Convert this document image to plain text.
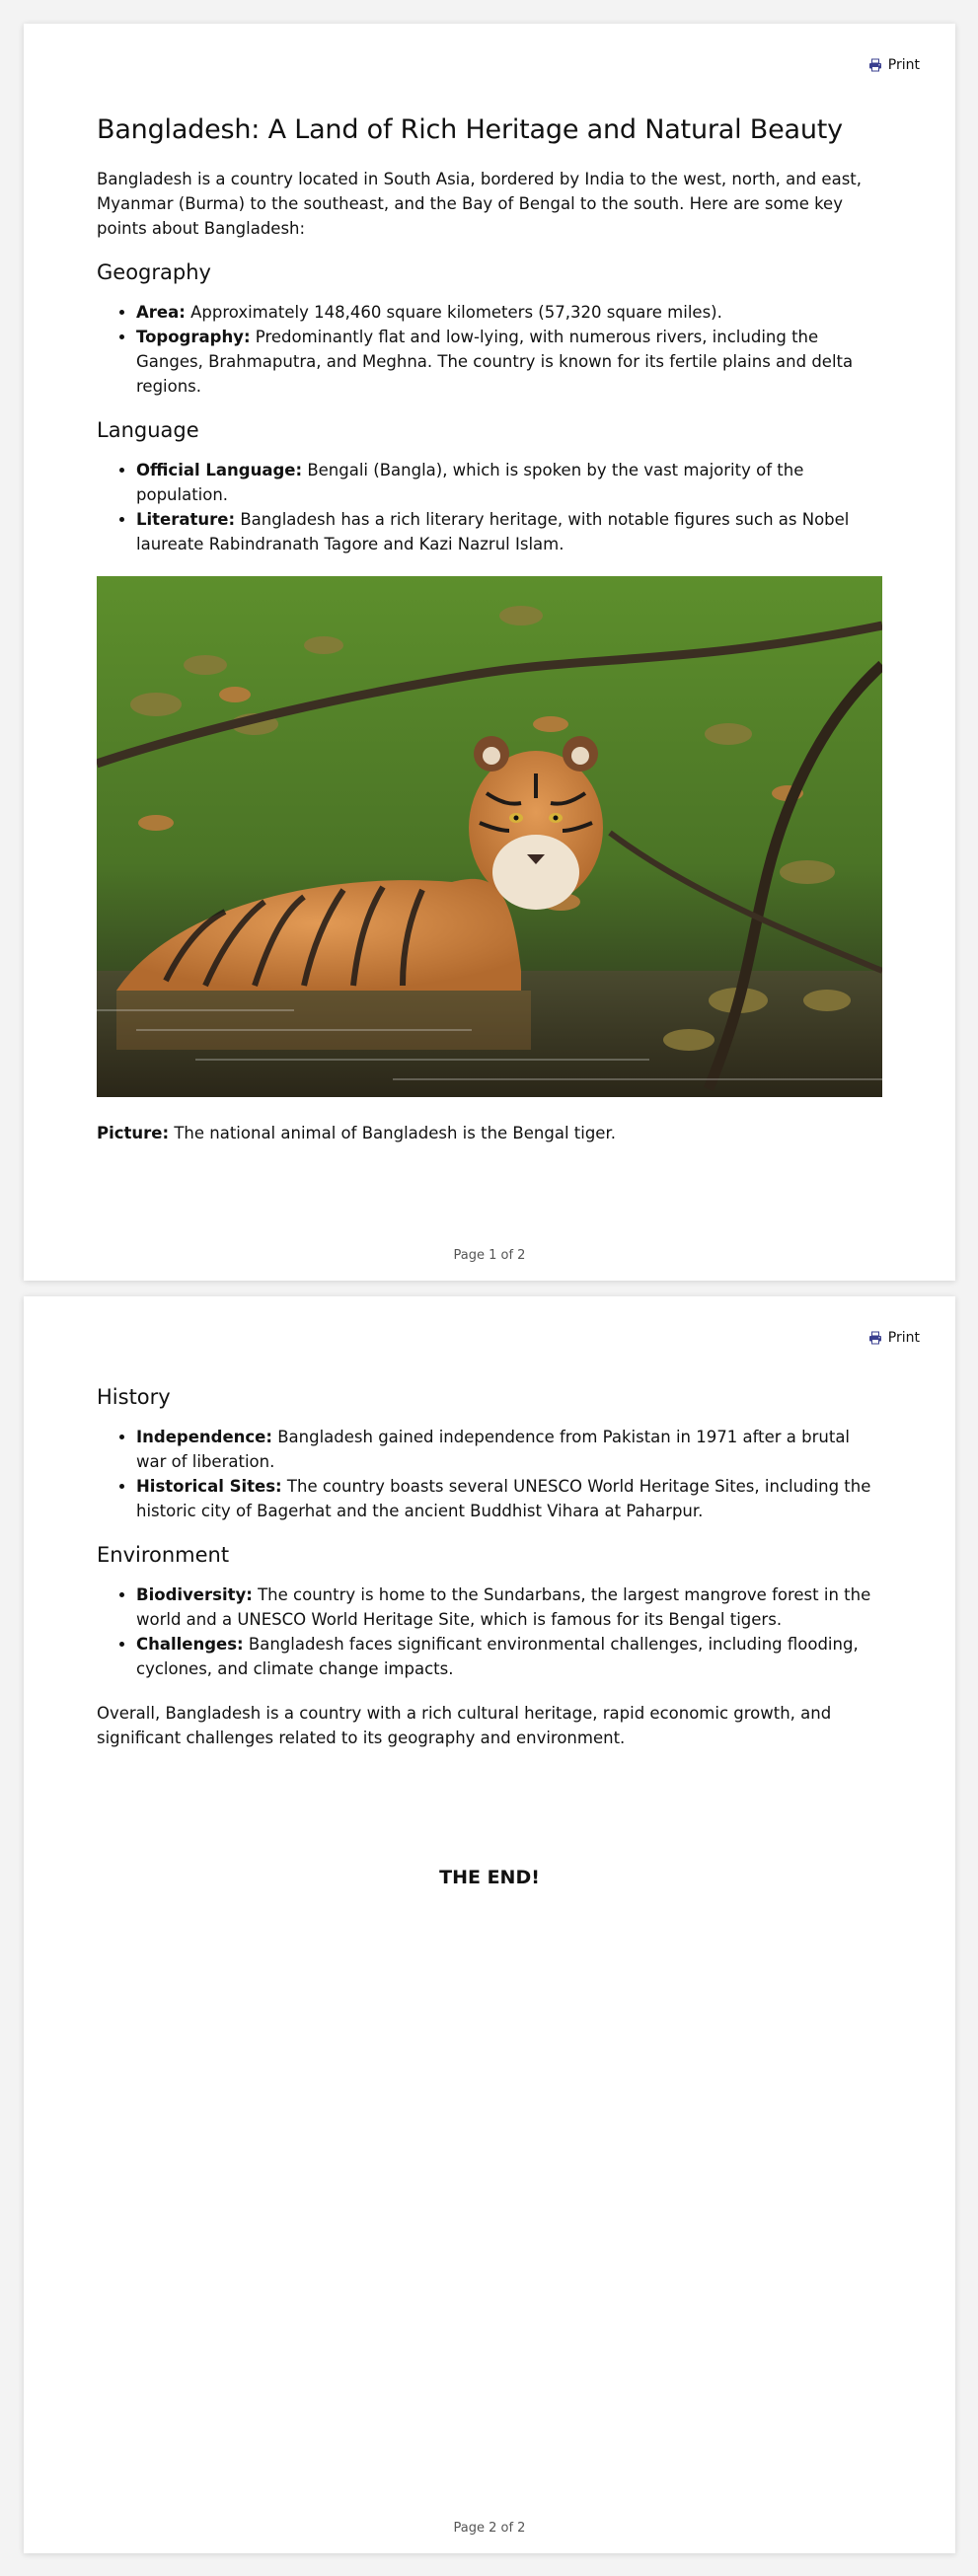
Print
Bangladesh: A Land of Rich Heritage and Natural Beauty

Bangladesh is a country located in South Asia, bordered by India to the west, north, and east, Myanmar (Burma) to the southeast, and the Bay of Bengal to the south. Here are some key points about Bangladesh:

Geography
• Area: Approximately 148,460 square kilometers (57,320 square miles).
• Topography: Predominantly flat and low-lying, with numerous rivers, including the Ganges, Brahmaputra, and Meghna. The country is known for its fertile plains and delta regions.
Language
• Official Language: Bengali (Bangla), which is spoken by the vast majority of the population.
• Literature: Bangladesh has a rich literary heritage, with notable figures such as Nobel laureate Rabindranath Tagore and Kazi Nazrul Islam.

Picture: The national animal of Bangladesh is the Bengal tiger.

Page 1 of 2
Print
History
• Independence: Bangladesh gained independence from Pakistan in 1971 after a brutal war of liberation.
• Historical Sites: The country boasts several UNESCO World Heritage Sites, including the historic city of Bagerhat and the ancient Buddhist Vihara at Paharpur.
Environment
• Biodiversity: The country is home to the Sundarbans, the largest mangrove forest in the world and a UNESCO World Heritage Site, which is famous for its Bengal tigers.
• Challenges: Bangladesh faces significant environmental challenges, including flooding, cyclones, and climate change impacts.

Overall, Bangladesh is a country with a rich cultural heritage, rapid economic growth, and significant challenges related to its geography and environment.

THE END!
Page 2 of 2
